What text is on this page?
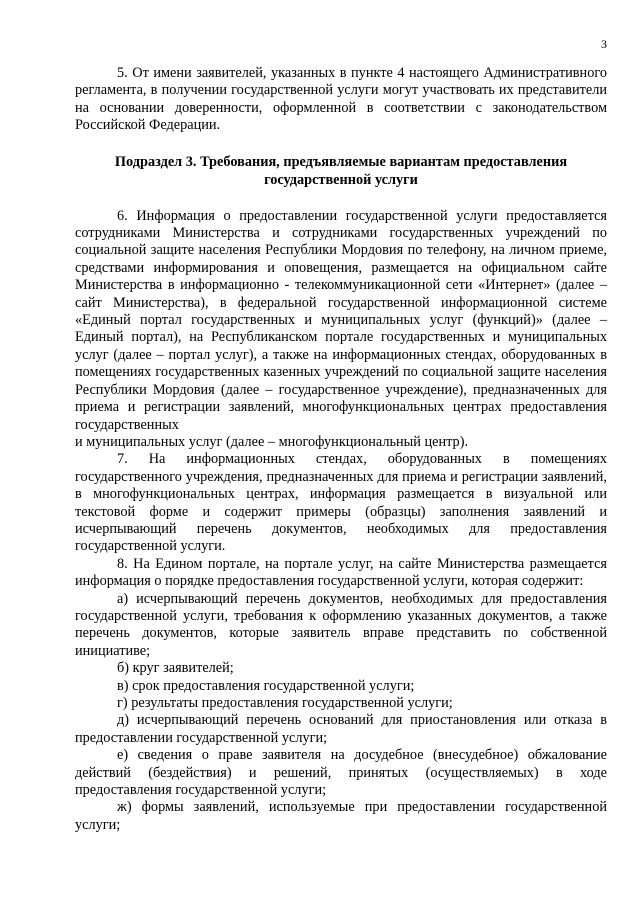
3

5. От имени заявителей, указанных в пункте 4 настоящего Административного регламента, в получении государственной услуги могут участвовать их представители на основании доверенности, оформленной в соответствии с законодательством Российской Федерации.

Подраздел 3. Требования, предъявляемые вариантам предоставления
государственной услуги

6. Информация о предоставлении государственной услуги предоставляется сотрудниками Министерства и сотрудниками государственных учреждений по социальной защите населения Республики Мордовия по телефону, на личном приеме, средствами информирования и оповещения, размещается на официальном сайте Министерства в информационно - телекоммуникационной сети «Интернет» (далее – сайт Министерства), в федеральной государственной информационной системе «Единый портал государственных и муниципальных услуг (функций)» (далее – Единый портал), на Республиканском портале государственных и муниципальных услуг (далее – портал услуг), а также на информационных стендах, оборудованных в помещениях государственных казенных учреждений по социальной защите населения Республики Мордовия (далее – государственное учреждение), предназначенных для приема и регистрации заявлений, многофункциональных центрах предоставления государственных

и муниципальных услуг (далее – многофункциональный центр).

7. На информационных стендах, оборудованных в помещениях государственного учреждения, предназначенных для приема и регистрации заявлений, в многофункциональных центрах, информация размещается в визуальной или текстовой форме и содержит примеры (образцы) заполнения заявлений и исчерпывающий перечень документов, необходимых для предоставления государственной услуги.

8. На Едином портале, на портале услуг, на сайте Министерства размещается информация о порядке предоставления государственной услуги, которая содержит:

а) исчерпывающий перечень документов, необходимых для предоставления государственной услуги, требования к оформлению указанных документов, а также перечень документов, которые заявитель вправе представить по собственной инициативе;

б) круг заявителей;

в) срок предоставления государственной услуги;

г) результаты предоставления государственной услуги;

д) исчерпывающий перечень оснований для приостановления или отказа в предоставлении государственной услуги;

е) сведения о праве заявителя на досудебное (внесудебное) обжалование действий (бездействия) и решений, принятых (осуществляемых) в ходе предоставления государственной услуги;

ж) формы заявлений, используемые при предоставлении государственной услуги;
